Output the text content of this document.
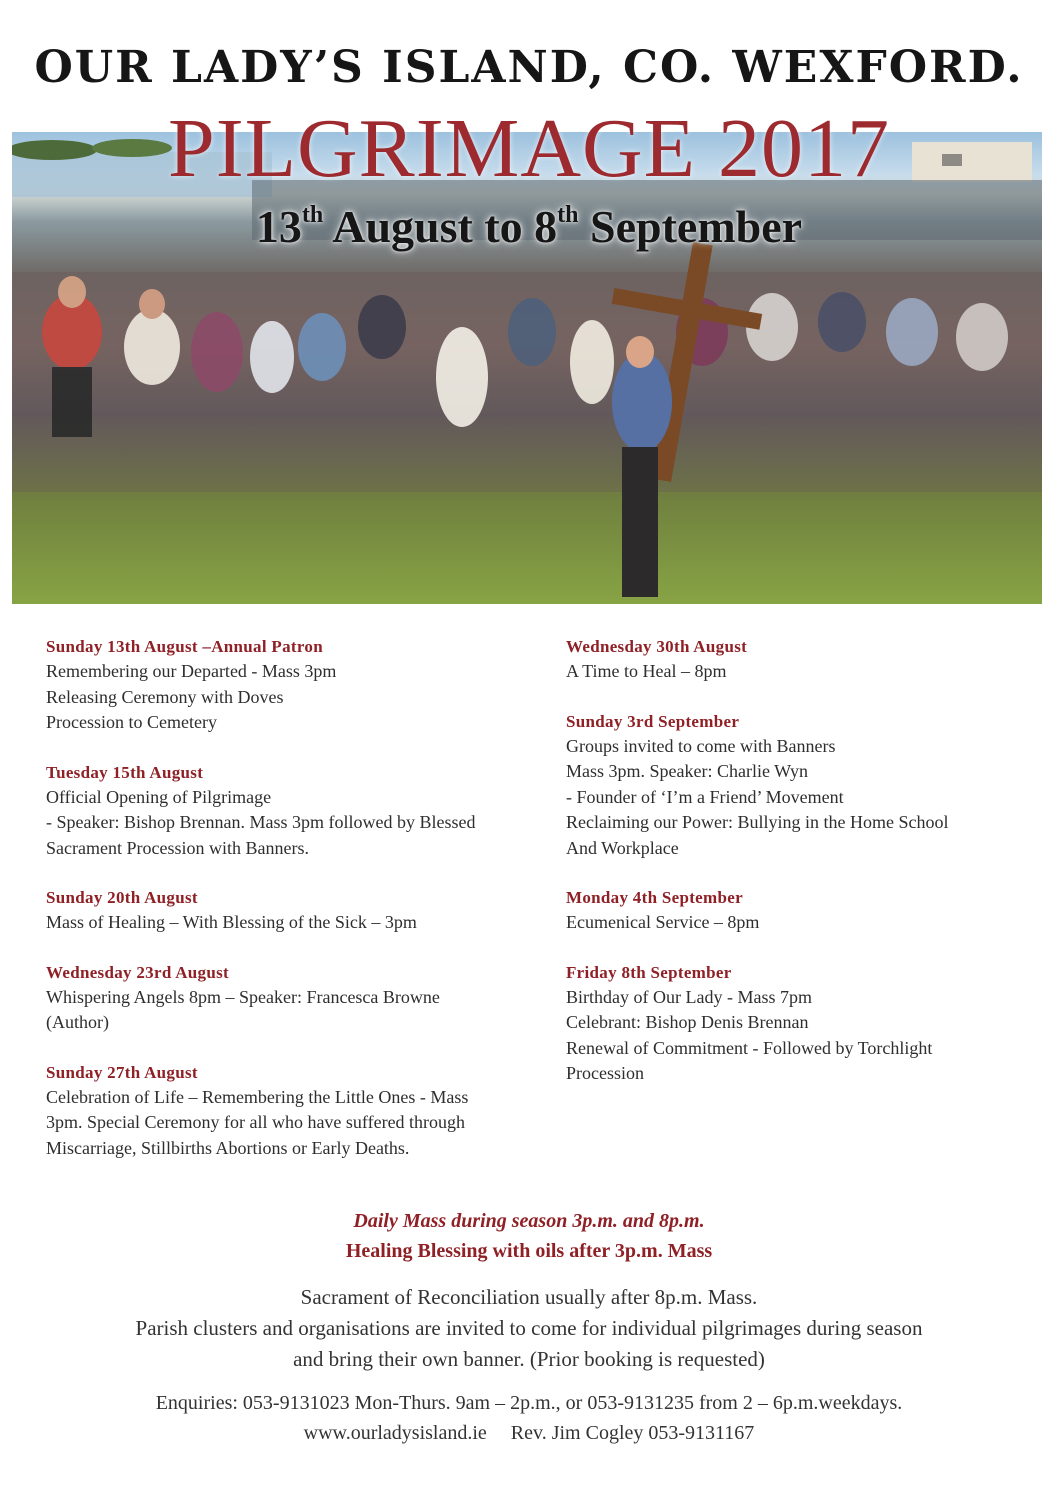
OUR LADY’S ISLAND, CO. WEXFORD.
PILGRIMAGE 2017
13th August to 8th September
Sunday 13th August –Annual Patron
Remembering our Departed - Mass 3pm
Releasing Ceremony with Doves
Procession to Cemetery
Tuesday 15th August
Official Opening of Pilgrimage
- Speaker: Bishop Brennan. Mass 3pm followed by Blessed
Sacrament Procession with Banners.
Sunday 20th August
Mass of Healing – With Blessing of the Sick – 3pm
Wednesday 23rd August
Whispering Angels 8pm – Speaker: Francesca Browne
(Author)
Sunday 27th August
Celebration of Life – Remembering the Little Ones - Mass
3pm. Special Ceremony for all who have suffered through
Miscarriage, Stillbirths Abortions or Early Deaths.
Wednesday 30th August
A Time to Heal – 8pm
Sunday 3rd September
Groups invited to come with Banners
Mass 3pm. Speaker: Charlie Wyn
- Founder of ‘I’m a Friend’ Movement
Reclaiming our Power: Bullying in the Home School
And Workplace
Monday 4th September
Ecumenical Service – 8pm
Friday 8th September
Birthday of Our Lady - Mass 7pm
Celebrant: Bishop Denis Brennan
Renewal of Commitment - Followed by Torchlight
Procession
Daily Mass during season 3p.m. and 8p.m.
Healing Blessing with oils after 3p.m. Mass
Sacrament of Reconciliation usually after 8p.m. Mass.
Parish clusters and organisations are invited to come for individual pilgrimages during season
and bring their own banner. (Prior booking is requested)
Enquiries: 053-9131023 Mon-Thurs. 9am – 2p.m., or 053-9131235 from 2 – 6p.m.weekdays.
www.ourladysisland.ie Rev. Jim Cogley 053-9131167
